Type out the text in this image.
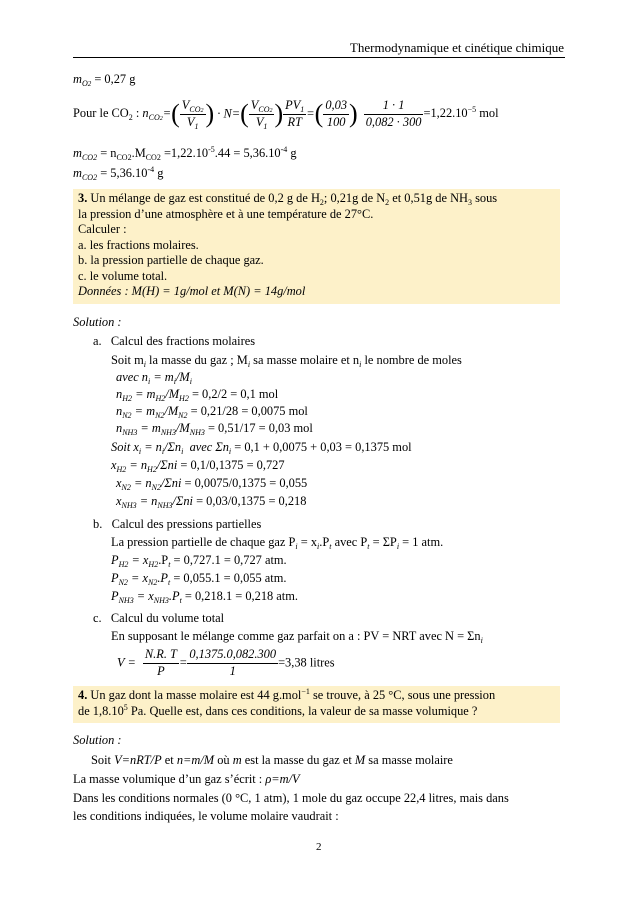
Thermodynamique et cinétique chimique
$m_{O2} = 0,27$ g
Pour le $CO_2$ : $n_{CO2}=( \frac{V_{CO2}}{V_1}$ ) · $N=( \frac{V_{CO2}}{V_1}$ ) $\frac{PV_1}{RT}$ =( $\frac{0,03}{100}$ ) $\frac{1 \cdot 1}{0,082 \cdot 300} =1,22.10^{-5}$ mol
$m_{CO2} = n_{CO2}.M_{CO2} =1,22.10^{-5}.44 = 5,36.10^{-4}$ g
$m_{CO2} = 5,36.10^{-4}$ g
3. Un mélange de gaz est constitué de 0,2 g de $H_2$; 0,21g de $N_2$ et 0,51g de $NH_3$ sous
la pression d’une atmosphère et à une température de 27°C.
Calculer :
a. les fractions molaires.
b. la pression partielle de chaque gaz.
c. le volume total.
Données : M(H) = 1g/mol et M(N) = 14g/mol
Solution :
a. Calcul des fractions molaires
Soit $m_i$ la masse du gaz ; $M_i$ sa masse molaire et $n_i$ le nombre de moles
avec $n_i = m_i/M_i$
$n_{H2} = m_{H2}/M_{H2} = 0,2/2 = 0,1$ mol
$n_{N2} = m_{N2}/M_{N2} = 0,21/28 = 0,0075$ mol
$n_{NH3} = m_{NH3}/M_{NH3} = 0,51/17 = 0,03$ mol
Soit $x_i = n_i/\Sigma n_i$ avec $\Sigma n_i = 0,1 + 0,0075 + 0,03 = 0,1375$ mol
$x_{H2} = n_{H2}/\Sigma ni = 0,1/0,1375 = 0,727$
$x_{N2} = n_{N2}/\Sigma ni = 0,0075/0,1375 = 0,055$
$x_{NH3} = n_{NH3}/\Sigma ni = 0,03/0,1375 = 0,218$
b. Calcul des pressions partielles
La pression partielle de chaque gaz $P_i = x_i.P_t$ avec $P_t = \Sigma P_i = 1$ atm.
$P_{H2} = x_{H2}.P_t = 0,727.1 = 0,727$ atm.
$P_{N2} = x_{N2}.P_t = 0,055.1 = 0,055$ atm.
$P_{NH3} = x_{NH3}.P_t = 0,218.1 = 0,218$ atm.
c. Calcul du volume total
En supposant le mélange comme gaz parfait on a : PV = NRT avec $N = \Sigma n_i$
$V = \frac{N.R. T}{P} = \frac{0,1375.0,082.300}{1} =3,38$ litres
4. Un gaz dont la masse molaire est 44 g.mol$^{-1}$ se trouve, à 25 °C, sous une pression
de 1,8.10$^5$ Pa. Quelle est, dans ces conditions, la valeur de sa masse volumique ?
Solution :
Soit V=nRT/P et n=m/M où m est la masse du gaz et M sa masse molaire
La masse volumique d’un gaz s’écrit : ρ=m/V
Dans les conditions normales (0 °C, 1 atm), 1 mole du gaz occupe 22,4 litres, mais dans
les conditions indiquées, le volume molaire vaudrait :
2
